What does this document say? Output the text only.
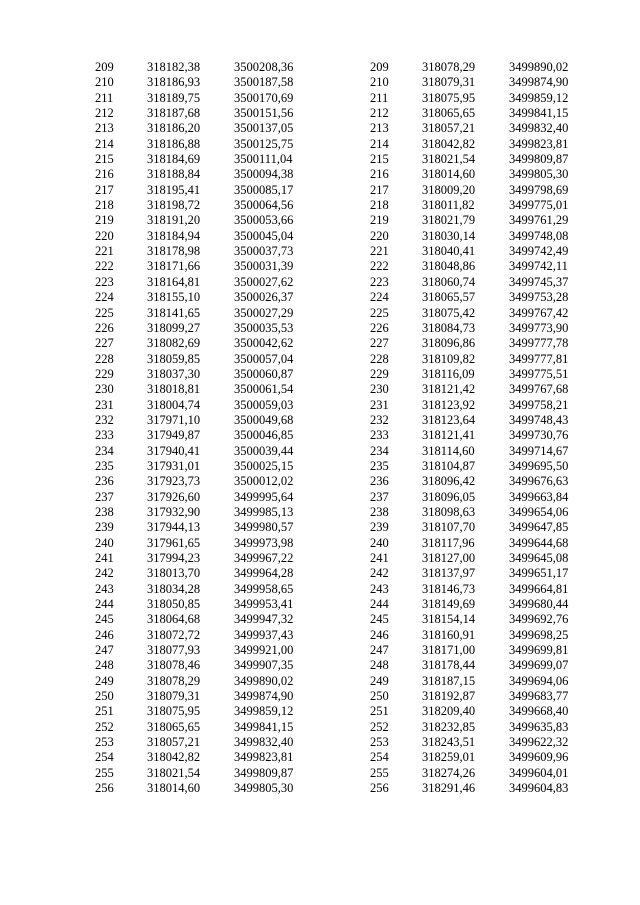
209	318182,38	3500208,36
210	318186,93	3500187,58
211	318189,75	3500170,69
212	318187,68	3500151,56
213	318186,20	3500137,05
214	318186,88	3500125,75
215	318184,69	3500111,04
216	318188,84	3500094,38
217	318195,41	3500085,17
218	318198,72	3500064,56
219	318191,20	3500053,66
220	318184,94	3500045,04
221	318178,98	3500037,73
222	318171,66	3500031,39
223	318164,81	3500027,62
224	318155,10	3500026,37
225	318141,65	3500027,29
226	318099,27	3500035,53
227	318082,69	3500042,62
228	318059,85	3500057,04
229	318037,30	3500060,87
230	318018,81	3500061,54
231	318004,74	3500059,03
232	317971,10	3500049,68
233	317949,87	3500046,85
234	317940,41	3500039,44
235	317931,01	3500025,15
236	317923,73	3500012,02
237	317926,60	3499995,64
238	317932,90	3499985,13
239	317944,13	3499980,57
240	317961,65	3499973,98
241	317994,23	3499967,22
242	318013,70	3499964,28
243	318034,28	3499958,65
244	318050,85	3499953,41
245	318064,68	3499947,32
246	318072,72	3499937,43
247	318077,93	3499921,00
248	318078,46	3499907,35
249	318078,29	3499890,02
250	318079,31	3499874,90
251	318075,95	3499859,12
252	318065,65	3499841,15
253	318057,21	3499832,40
254	318042,82	3499823,81
255	318021,54	3499809,87
256	318014,60	3499805,30
209	318078,29	3499890,02
210	318079,31	3499874,90
211	318075,95	3499859,12
212	318065,65	3499841,15
213	318057,21	3499832,40
214	318042,82	3499823,81
215	318021,54	3499809,87
216	318014,60	3499805,30
217	318009,20	3499798,69
218	318011,82	3499775,01
219	318021,79	3499761,29
220	318030,14	3499748,08
221	318040,41	3499742,49
222	318048,86	3499742,11
223	318060,74	3499745,37
224	318065,57	3499753,28
225	318075,42	3499767,42
226	318084,73	3499773,90
227	318096,86	3499777,78
228	318109,82	3499777,81
229	318116,09	3499775,51
230	318121,42	3499767,68
231	318123,92	3499758,21
232	318123,64	3499748,43
233	318121,41	3499730,76
234	318114,60	3499714,67
235	318104,87	3499695,50
236	318096,42	3499676,63
237	318096,05	3499663,84
238	318098,63	3499654,06
239	318107,70	3499647,85
240	318117,96	3499644,68
241	318127,00	3499645,08
242	318137,97	3499651,17
243	318146,73	3499664,81
244	318149,69	3499680,44
245	318154,14	3499692,76
246	318160,91	3499698,25
247	318171,00	3499699,81
248	318178,44	3499699,07
249	318187,15	3499694,06
250	318192,87	3499683,77
251	318209,40	3499668,40
252	318232,85	3499635,83
253	318243,51	3499622,32
254	318259,01	3499609,96
255	318274,26	3499604,01
256	318291,46	3499604,83
